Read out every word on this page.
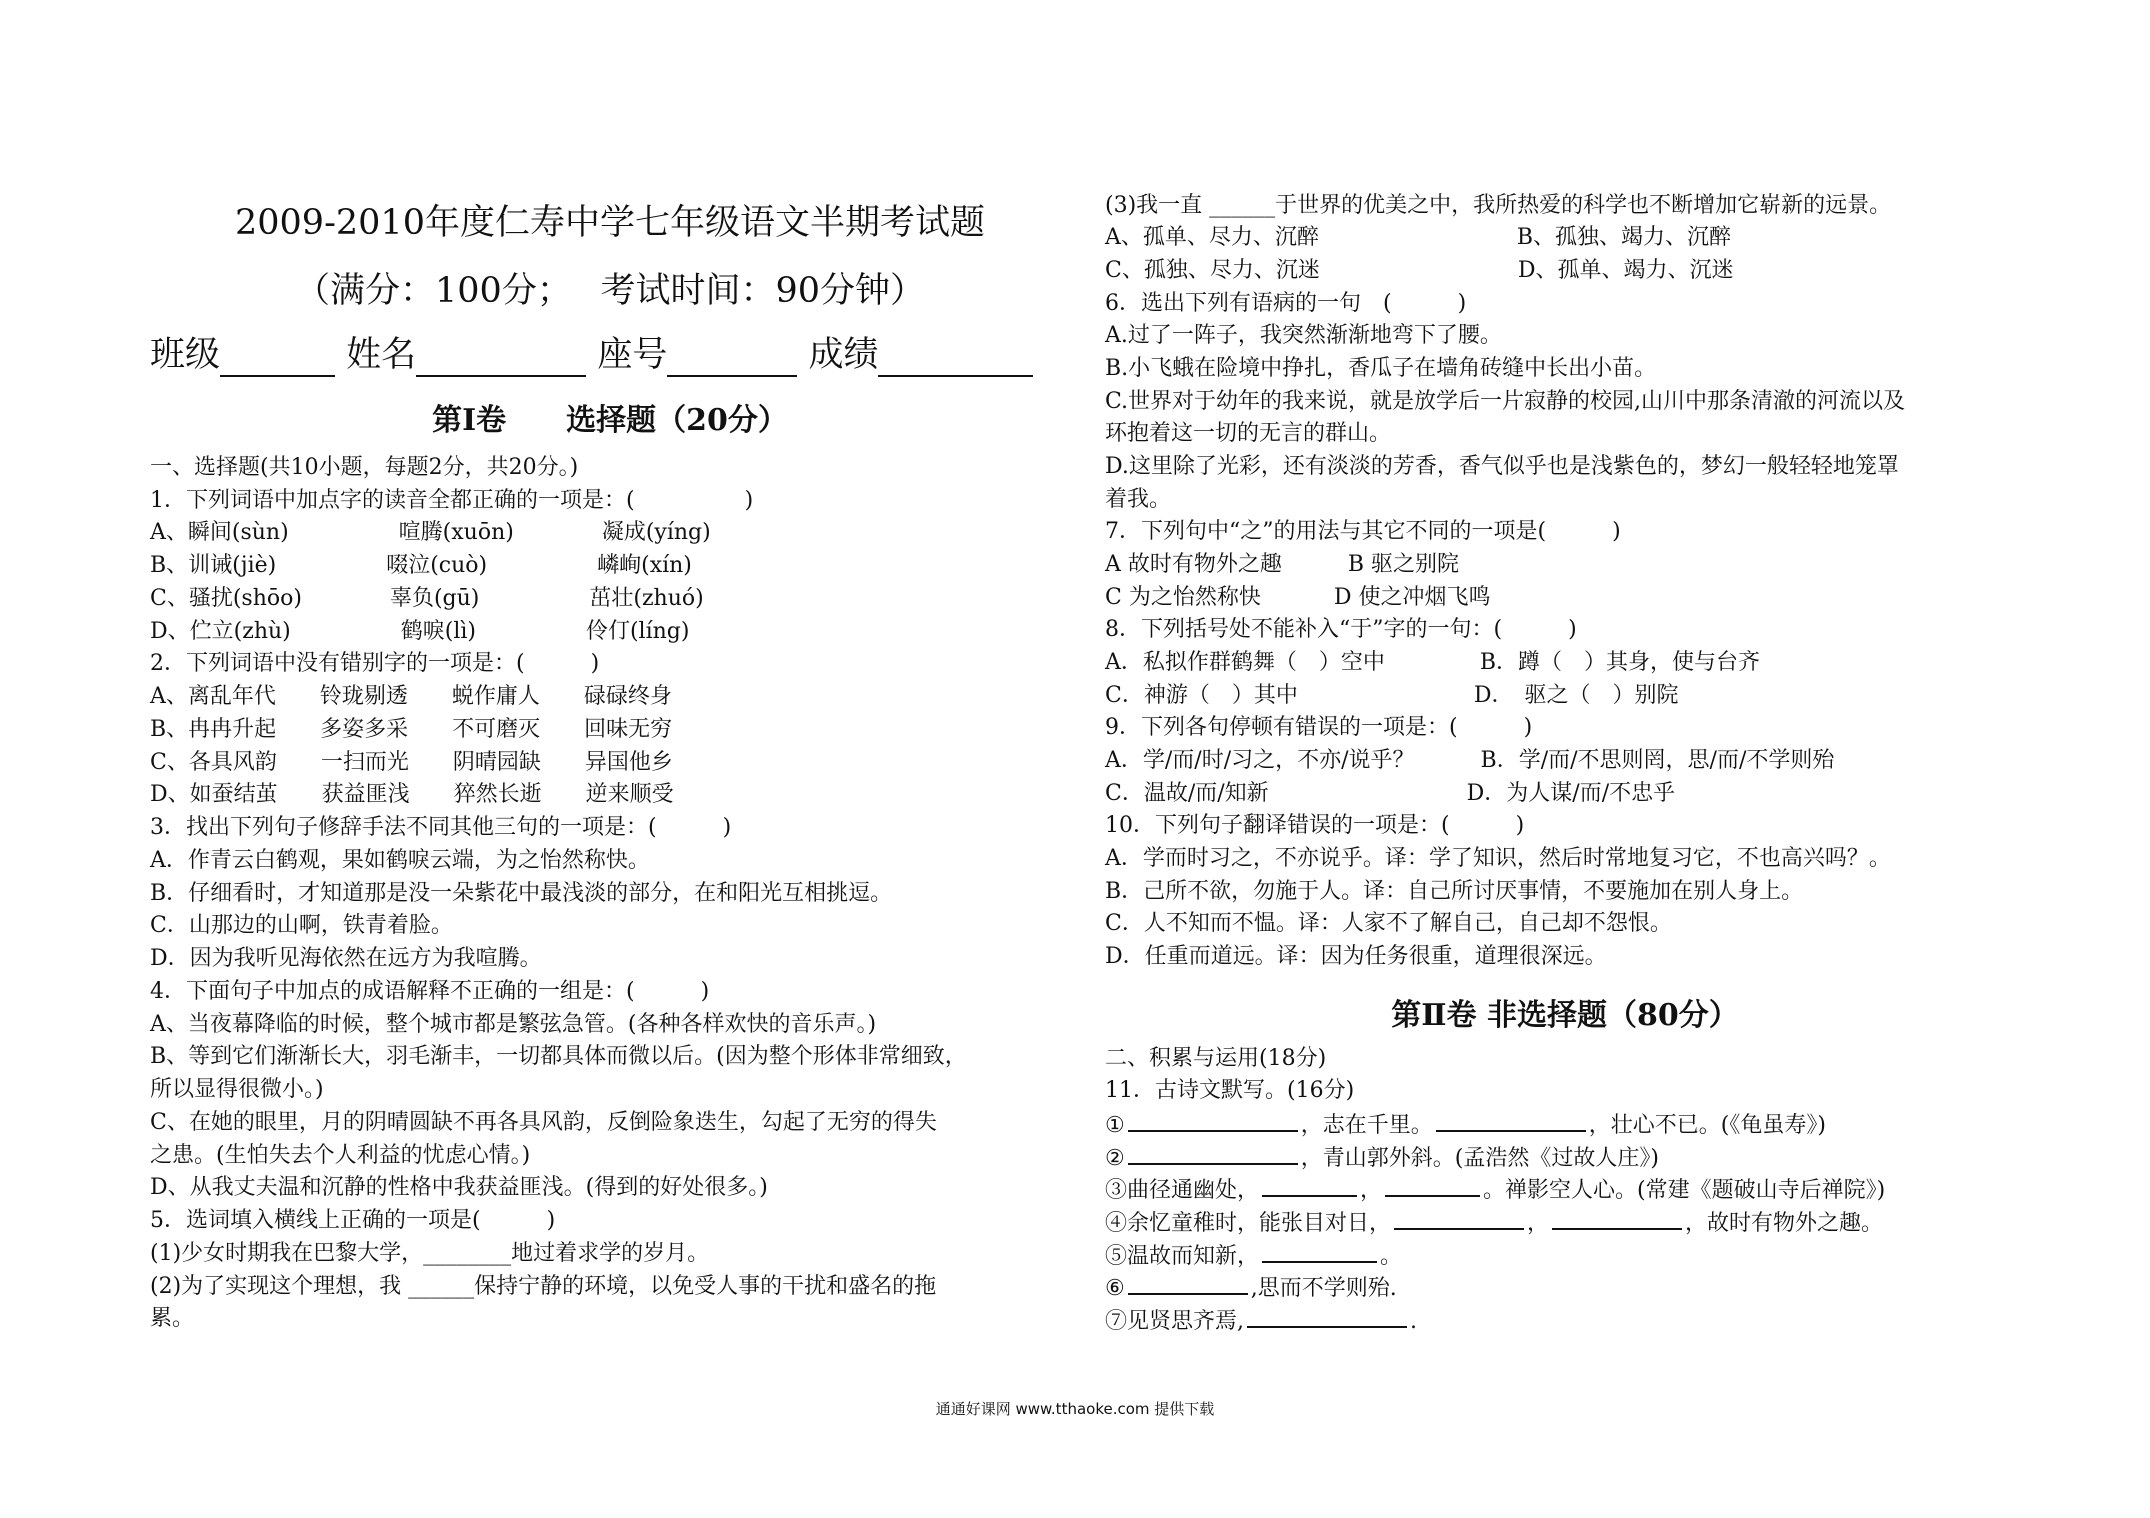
2009-2010年度仁寿中学七年级语文半期考试题
（满分：100分；　 考试时间：90分钟）
班级	姓名	座号	成绩
第Ⅰ卷　　选择题（20分）
一、选择题(共10小题，每题2分，共20分。)
1．下列词语中加点字的读音全都正确的一项是：(　　　　　)
A、瞬间(sùn)　　　　　喧腾(xuōn)　　　　凝成(yíng)
B、训诫(jiè)　　　　　啜泣(cuò)　　　　　嶙峋(xín)
C、骚扰(shōo)　　　　辜负(gū)　　　　　茁壮(zhuó)
D、伫立(zhù)　　　　　鹤唳(lì)　　　　　伶仃(líng)
2．下列词语中没有错别字的一项是：(　　　)
A、离乱年代　　铃珑剔透　　蜕作庸人　　碌碌终身
B、冉冉升起　　多姿多采　　不可磨灭　　回味无穷
C、各具风韵　　一扫而光　　阴晴园缺　　异国他乡
D、如蚕结茧　　获益匪浅　　猝然长逝　　逆来顺受
3．找出下列句子修辞手法不同其他三句的一项是：(　　　)
A．作青云白鹤观，果如鹤唳云端，为之怡然称快。
B．仔细看时，才知道那是没一朵紫花中最浅淡的部分，在和阳光互相挑逗。
C．山那边的山啊，铁青着脸。
D．因为我听见海依然在远方为我喧腾。
4．下面句子中加点的成语解释不正确的一组是：(　　　)
A、当夜幕降临的时候，整个城市都是繁弦急管。(各种各样欢快的音乐声。)
B、等到它们渐渐长大，羽毛渐丰，一切都具体而微以后。(因为整个形体非常细致，
所以显得很微小。)
C、在她的眼里，月的阴晴圆缺不再各具风韵，反倒险象迭生，勾起了无穷的得失
之患。(生怕失去个人利益的忧虑心情。)
D、从我丈夫温和沉静的性格中我获益匪浅。(得到的好处很多。)
5．选词填入横线上正确的一项是(　　　)
(1)少女时期我在巴黎大学，________地过着求学的岁月。
(2)为了实现这个理想，我 ______保持宁静的环境，以免受人事的干扰和盛名的拖
累。
(3)我一直 ______于世界的优美之中，我所热爱的科学也不断增加它崭新的远景。
A、孤单、尽力、沉醉　　　　　　　　　B、孤独、竭力、沉醉
C、孤独、尽力、沉迷　　　　　　　　　D、孤单、竭力、沉迷
6．选出下列有语病的一句　(　　　)
A.过了一阵子，我突然渐渐地弯下了腰。
B.小飞蛾在险境中挣扎，香瓜子在墙角砖缝中长出小苗。
C.世界对于幼年的我来说，就是放学后一片寂静的校园,山川中那条清澈的河流以及
环抱着这一切的无言的群山。
D.这里除了光彩，还有淡淡的芳香，香气似乎也是浅紫色的，梦幻一般轻轻地笼罩
着我。
7．下列句中“之”的用法与其它不同的一项是(　　　)
A 故时有物外之趣　　　B 驱之别院
C 为之怡然称快　　　 D 使之冲烟飞鸣
8．下列括号处不能补入“于”字的一句：(　　　)
A．私拟作群鹤舞（　）空中　　　　 B．蹲（　）其身，使与台齐
C．神游（　）其中　　　　　　　　D．　驱之（　）别院
9．下列各句停顿有错误的一项是：(　　　)
A．学/而/时/习之，不亦/说乎？　　　B．学/而/不思则罔，思/而/不学则殆
C．温故/而/知新　　　　　　　　　D．为人谋/而/不忠乎
10．下列句子翻译错误的一项是：(　　　)
A．学而时习之，不亦说乎。译：学了知识，然后时常地复习它，不也高兴吗？。
B．己所不欲，勿施于人。译：自己所讨厌事情，不要施加在别人身上。
C．人不知而不愠。译：人家不了解自己，自己却不怨恨。
D．任重而道远。译：因为任务很重，道理很深远。
第Ⅱ卷 非选择题（80分）
二、积累与运用(18分)
11．古诗文默写。(16分)
①	，志在千里。	，壮心不已。(《龟虽寿》)
②	，青山郭外斜。(孟浩然《过故人庄》)
③曲径通幽处，	，	。禅影空人心。(常建《题破山寺后禅院》)
④余忆童稚时，能张目对日，	，	，故时有物外之趣。
⑤温故而知新，	。
⑥	,思而不学则殆.
⑦见贤思齐焉,	.
通通好课网 www.tthaoke.com 提供下载
